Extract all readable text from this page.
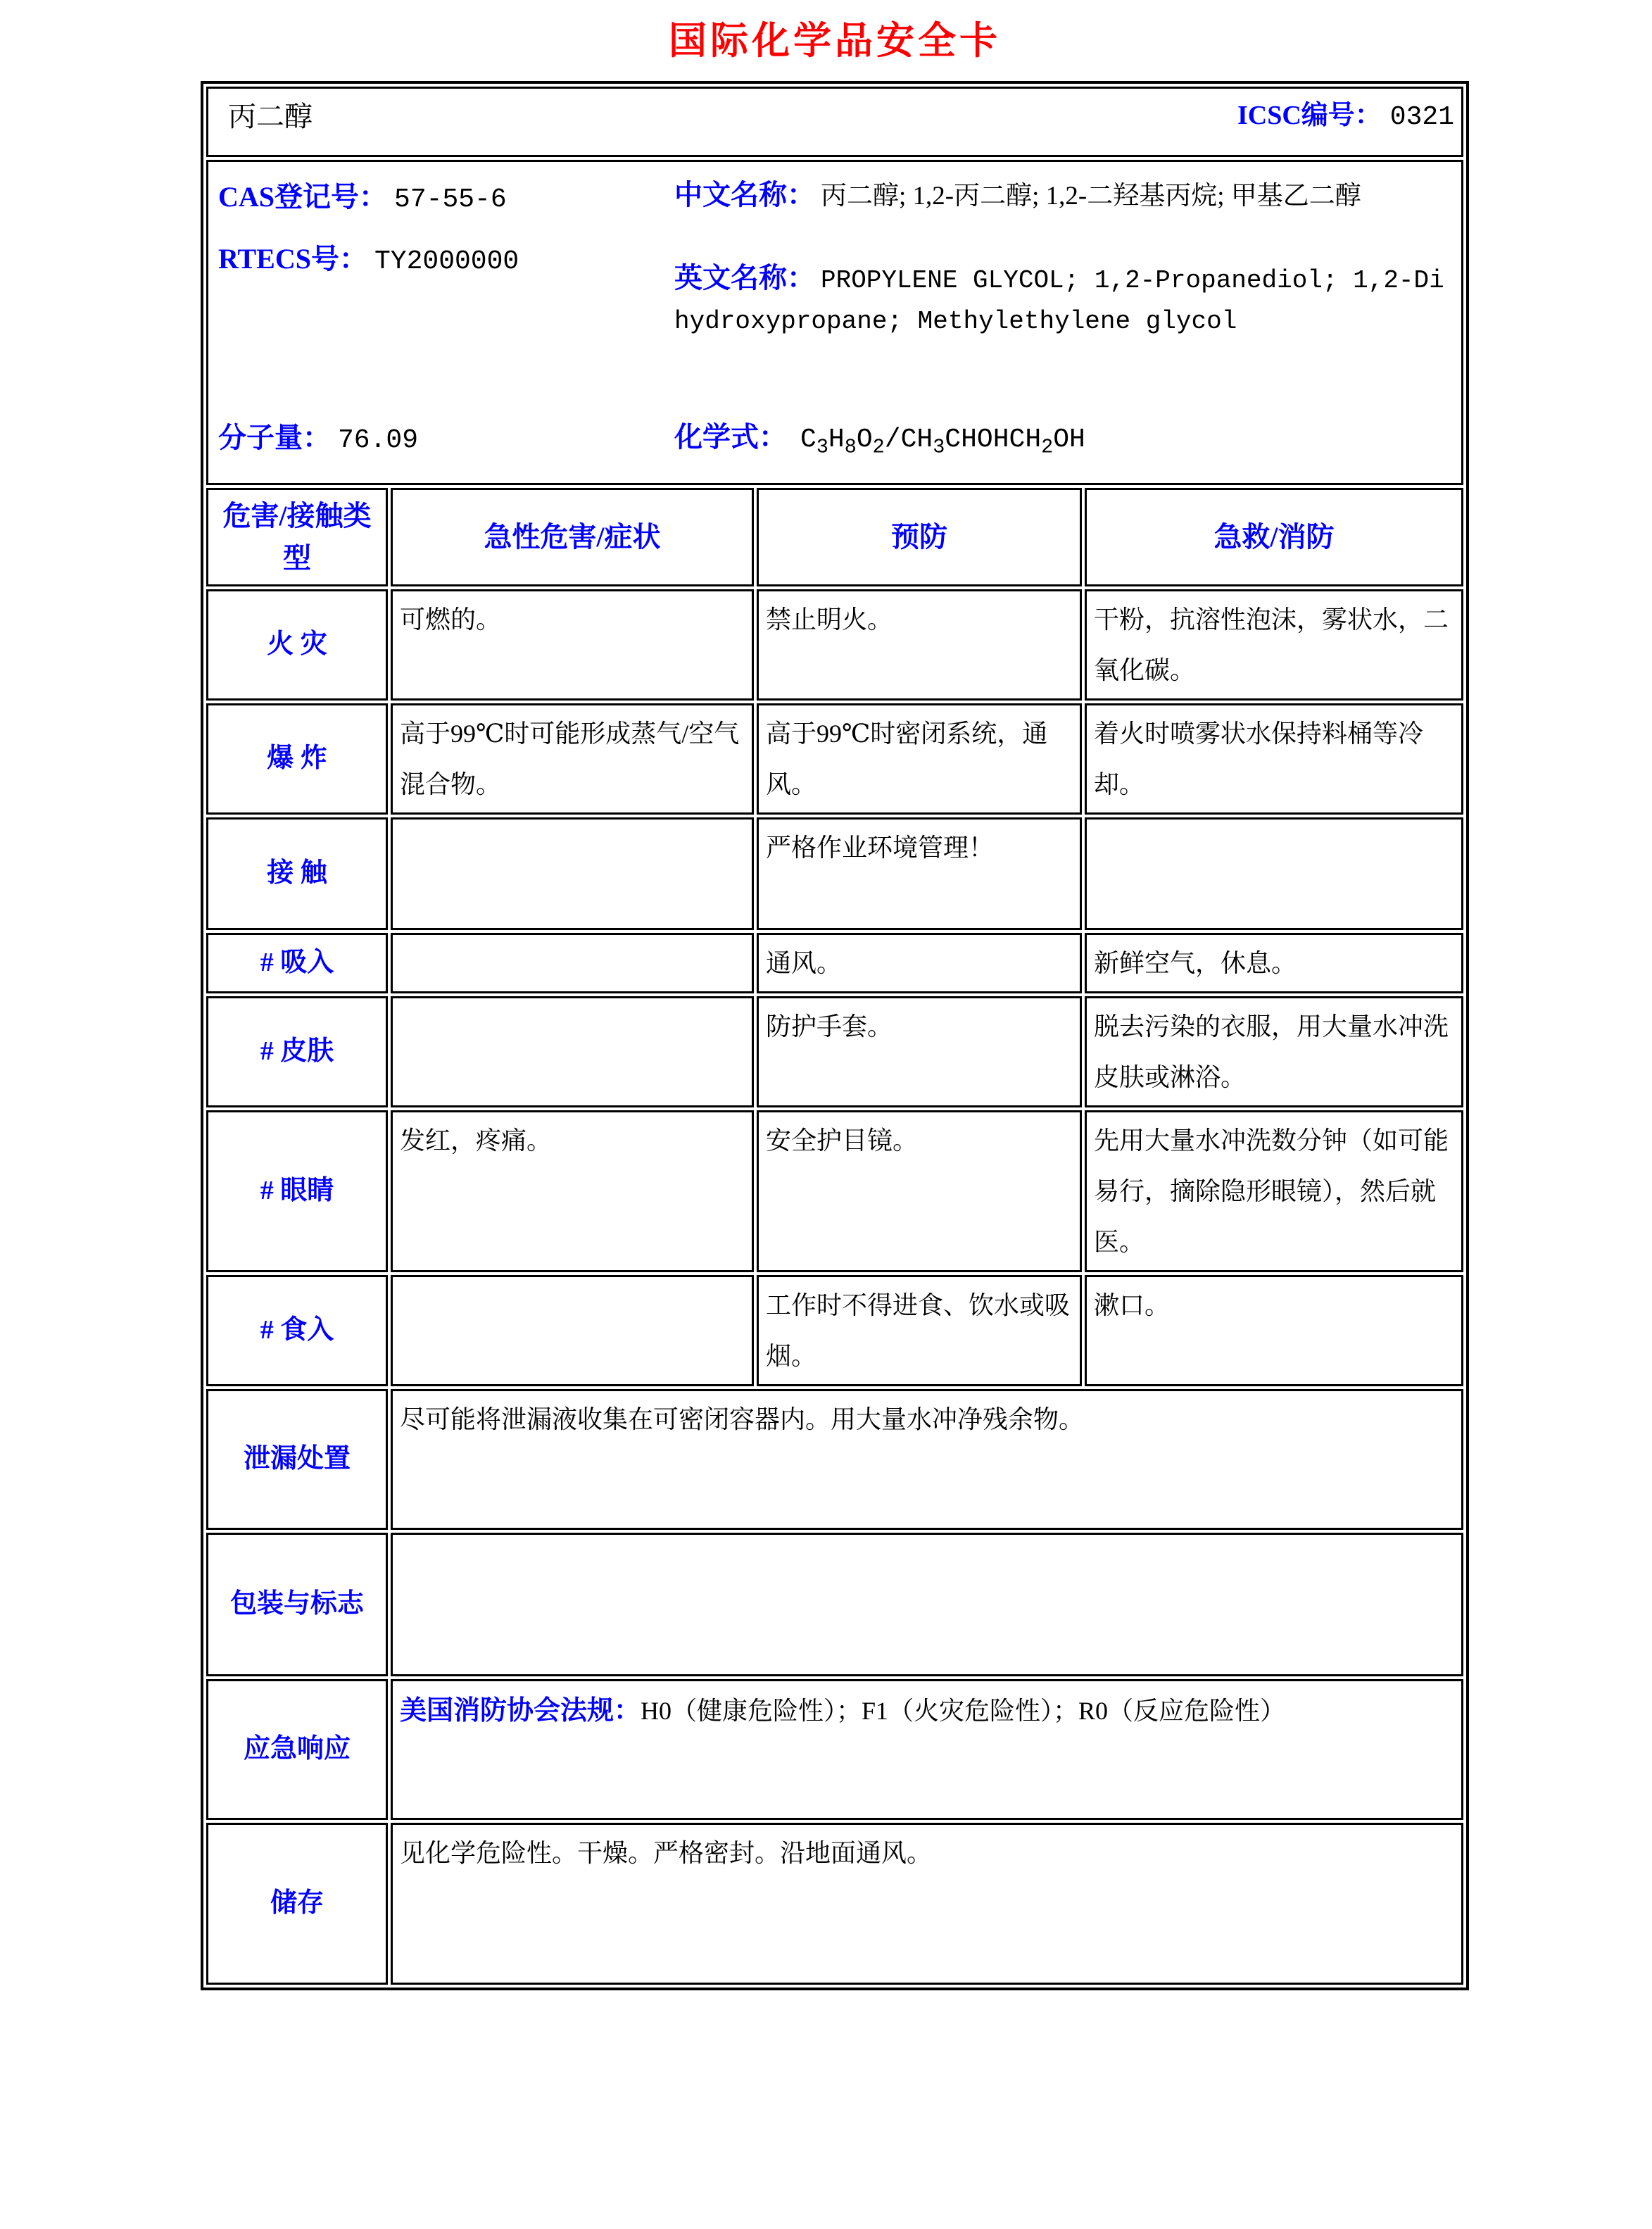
国际化学品安全卡
丙二醇 ICSC编号： 0321			

CAS登记号： 57-55-6
RTECS号： TY2000000
分子量： 76.09
中文名称： 丙二醇; 1,2-丙二醇; 1,2-二羟基丙烷; 甲基乙二醇
英文名称： PROPYLENE GLYCOL; 1,2-Propanediol; 1,2-Dihydroxypropane; Methylethylene glycol
化学式： $C_3H_8O_2/CH_3CHOHCH_2OH$

危害/接触类型	急性危害/症状	预防	急救/消防
火 灾	可燃的。	禁止明火。	干粉，抗溶性泡沫，雾状水，二氧化碳。
爆 炸	高于99℃时可能形成蒸气/空气混合物。	高于99℃时密闭系统，通风。	着火时喷雾状水保持料桶等冷却。
接 触		严格作业环境管理！	
# 吸入		通风。	新鲜空气，休息。
# 皮肤		防护手套。	脱去污染的衣服，用大量水冲洗皮肤或淋浴。
# 眼睛	发红，疼痛。	安全护目镜。	先用大量水冲洗数分钟（如可能易行，摘除隐形眼镜），然后就医。
# 食入		工作时不得进食、饮水或吸烟。	漱口。
泄漏处置	尽可能将泄漏液收集在可密闭容器内。用大量水冲净残余物。		
包装与标志			
应急响应	美国消防协会法规：H0（健康危险性）；F1（火灾危险性）；R0（反应危险性）		
储存	见化学危险性。干燥。严格密封。沿地面通风。		
